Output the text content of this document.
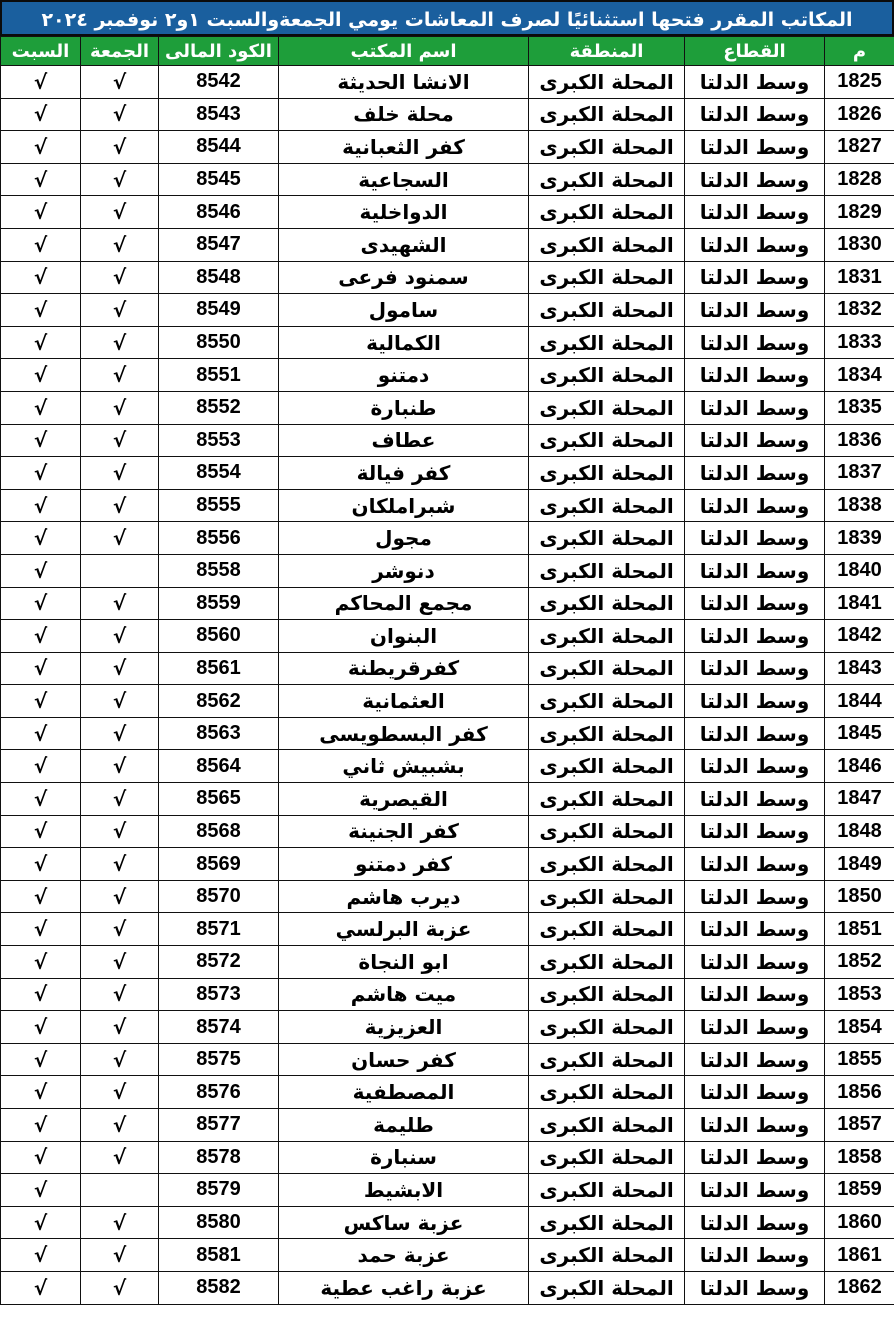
المكاتب المقرر فتحها استثنائيًا لصرف المعاشات يومي الجمعةوالسبت ١و٢ نوفمبر ٢٠٢٤
م	القطاع	المنطقة	اسم المكتب	الكود المالى	الجمعة	السبت
1825	وسط الدلتا	المحلة الكبرى	الانشا الحديثة	8542	√	√
1826	وسط الدلتا	المحلة الكبرى	محلة خلف	8543	√	√
1827	وسط الدلتا	المحلة الكبرى	كفر الثعبانية	8544	√	√
1828	وسط الدلتا	المحلة الكبرى	السجاعية	8545	√	√
1829	وسط الدلتا	المحلة الكبرى	الدواخلية	8546	√	√
1830	وسط الدلتا	المحلة الكبرى	الشهيدى	8547	√	√
1831	وسط الدلتا	المحلة الكبرى	سمنود فرعى	8548	√	√
1832	وسط الدلتا	المحلة الكبرى	سامول	8549	√	√
1833	وسط الدلتا	المحلة الكبرى	الكمالية	8550	√	√
1834	وسط الدلتا	المحلة الكبرى	دمتنو	8551	√	√
1835	وسط الدلتا	المحلة الكبرى	طنبارة	8552	√	√
1836	وسط الدلتا	المحلة الكبرى	عطاف	8553	√	√
1837	وسط الدلتا	المحلة الكبرى	كفر فيالة	8554	√	√
1838	وسط الدلتا	المحلة الكبرى	شبراملكان	8555	√	√
1839	وسط الدلتا	المحلة الكبرى	مجول	8556	√	√
1840	وسط الدلتا	المحلة الكبرى	دنوشر	8558		√
1841	وسط الدلتا	المحلة الكبرى	مجمع المحاكم	8559	√	√
1842	وسط الدلتا	المحلة الكبرى	البنوان	8560	√	√
1843	وسط الدلتا	المحلة الكبرى	كفرقريطنة	8561	√	√
1844	وسط الدلتا	المحلة الكبرى	العثمانية	8562	√	√
1845	وسط الدلتا	المحلة الكبرى	كفر البسطويسى	8563	√	√
1846	وسط الدلتا	المحلة الكبرى	بشبيش ثاني	8564	√	√
1847	وسط الدلتا	المحلة الكبرى	القيصرية	8565	√	√
1848	وسط الدلتا	المحلة الكبرى	كفر الجنينة	8568	√	√
1849	وسط الدلتا	المحلة الكبرى	كفر دمتنو	8569	√	√
1850	وسط الدلتا	المحلة الكبرى	ديرب هاشم	8570	√	√
1851	وسط الدلتا	المحلة الكبرى	عزبة البرلسي	8571	√	√
1852	وسط الدلتا	المحلة الكبرى	ابو النجاة	8572	√	√
1853	وسط الدلتا	المحلة الكبرى	ميت هاشم	8573	√	√
1854	وسط الدلتا	المحلة الكبرى	العزيزية	8574	√	√
1855	وسط الدلتا	المحلة الكبرى	كفر حسان	8575	√	√
1856	وسط الدلتا	المحلة الكبرى	المصطفية	8576	√	√
1857	وسط الدلتا	المحلة الكبرى	طليمة	8577	√	√
1858	وسط الدلتا	المحلة الكبرى	سنبارة	8578	√	√
1859	وسط الدلتا	المحلة الكبرى	الابشيط	8579		√
1860	وسط الدلتا	المحلة الكبرى	عزبة ساكس	8580	√	√
1861	وسط الدلتا	المحلة الكبرى	عزبة حمد	8581	√	√
1862	وسط الدلتا	المحلة الكبرى	عزبة راغب عطية	8582	√	√
